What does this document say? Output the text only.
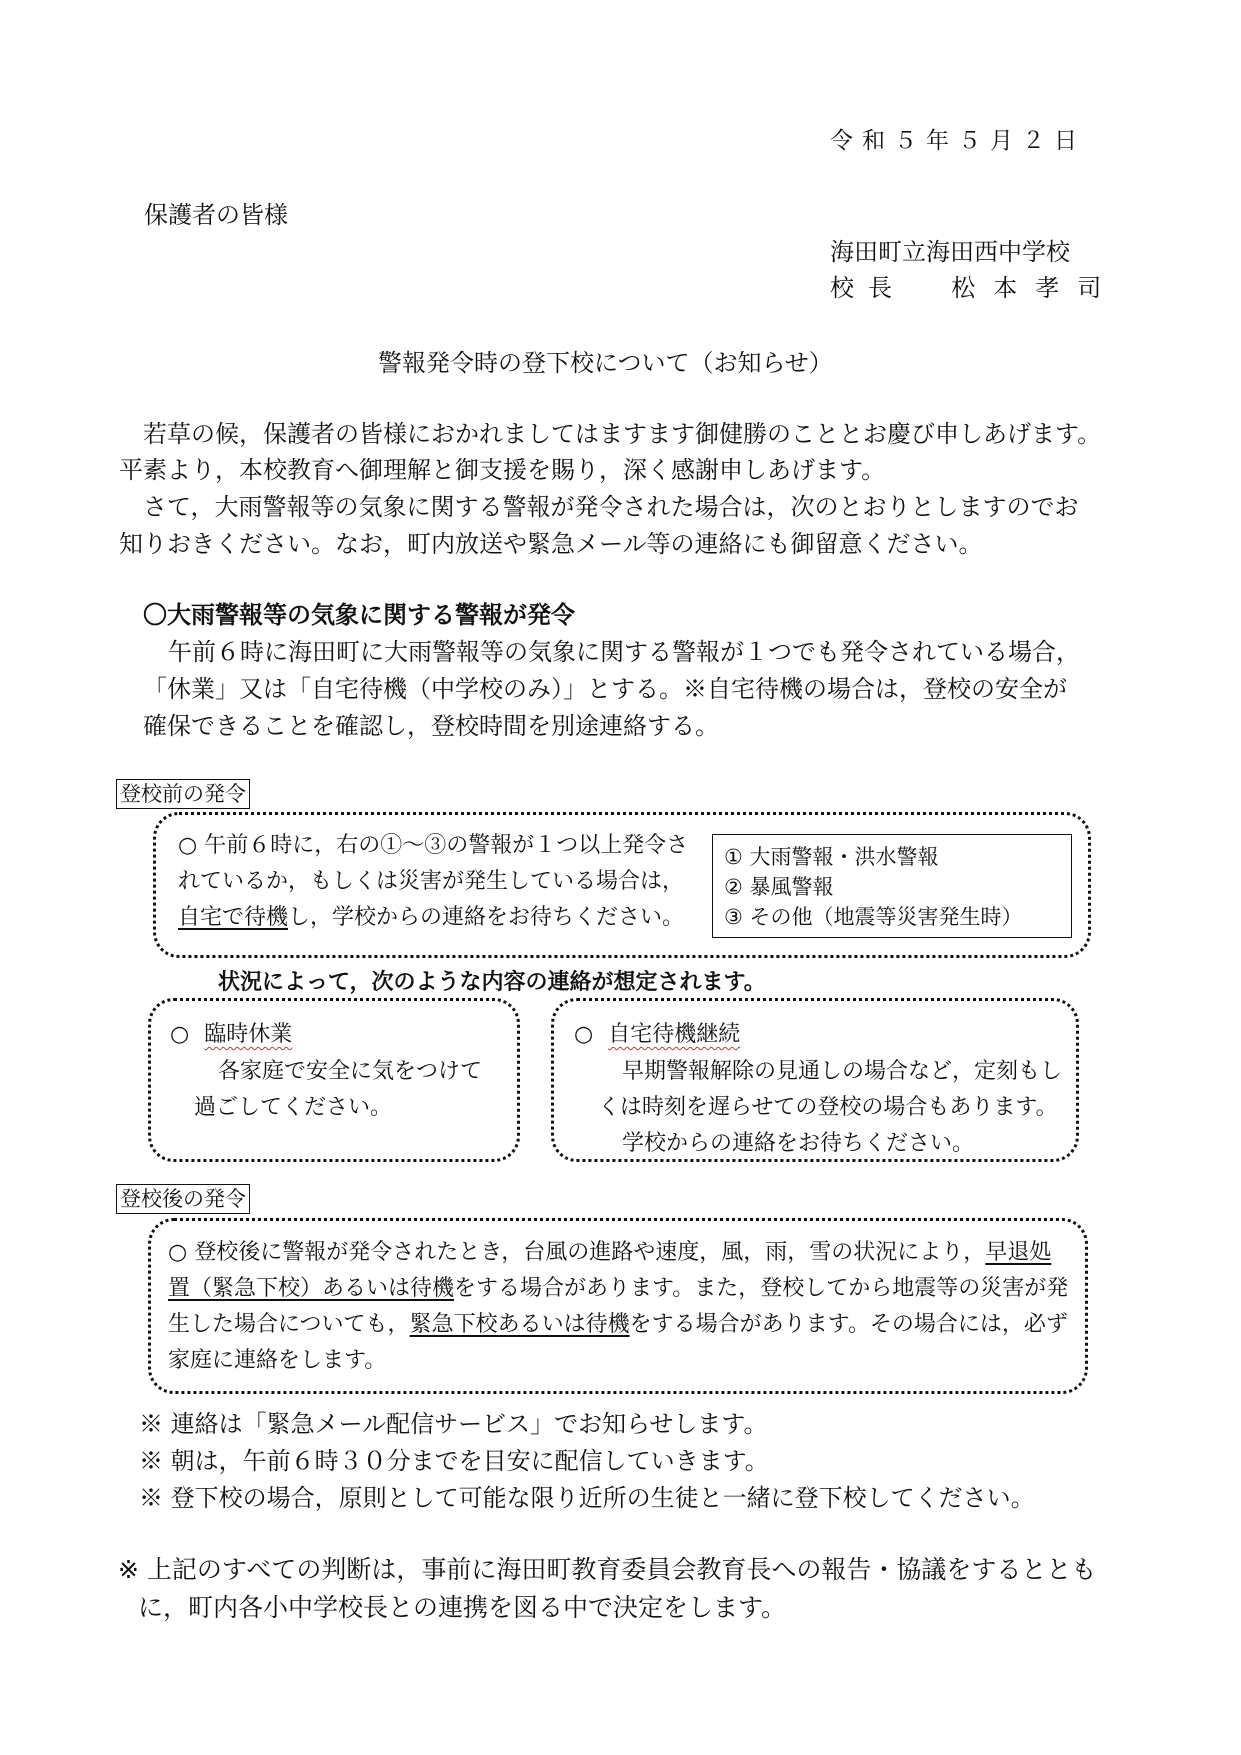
令和５年５月２日
保護者の皆様
海田町立海田西中学校
校長 松本孝司
警報発令時の登下校について（お知らせ）
若草の候，保護者の皆様におかれましてはますます御健勝のこととお慶び申しあげます。
平素より，本校教育へ御理解と御支援を賜り，深く感謝申しあげます。
さて，大雨警報等の気象に関する警報が発令された場合は，次のとおりとしますのでお
知りおきください。なお，町内放送や緊急メール等の連絡にも御留意ください。
〇大雨警報等の気象に関する警報が発令
午前６時に海田町に大雨警報等の気象に関する警報が１つでも発令されている場合，
「休業」又は「自宅待機（中学校のみ）」とする。※自宅待機の場合は，登校の安全が
確保できることを確認し，登校時間を別途連絡する。
登校前の発令
○ 午前６時に，右の①～③の警報が１つ以上発令さ
れているか，もしくは災害が発生している場合は，
自宅で待機し，学校からの連絡をお待ちください。
① 大雨警報・洪水警報
② 暴風警報
③ その他（地震等災害発生時）
状況によって，次のような内容の連絡が想定されます。
○ 臨時休業
各家庭で安全に気をつけて
過ごしてください。
○ 自宅待機継続
早期警報解除の見通しの場合など，定刻もし
くは時刻を遅らせての登校の場合もあります。
学校からの連絡をお待ちください。
登校後の発令
○ 登校後に警報が発令されたとき，台風の進路や速度，風，雨，雪の状況により，早退処
置（緊急下校）あるいは待機をする場合があります。また，登校してから地震等の災害が発
生した場合についても，緊急下校あるいは待機をする場合があります。その場合には，必ず
家庭に連絡をします。
※ 連絡は「緊急メール配信サービス」でお知らせします。
※ 朝は，午前６時３０分までを目安に配信していきます。
※ 登下校の場合，原則として可能な限り近所の生徒と一緒に登下校してください。
※ 上記のすべての判断は，事前に海田町教育委員会教育長への報告・協議をするととも
に，町内各小中学校長との連携を図る中で決定をします。
